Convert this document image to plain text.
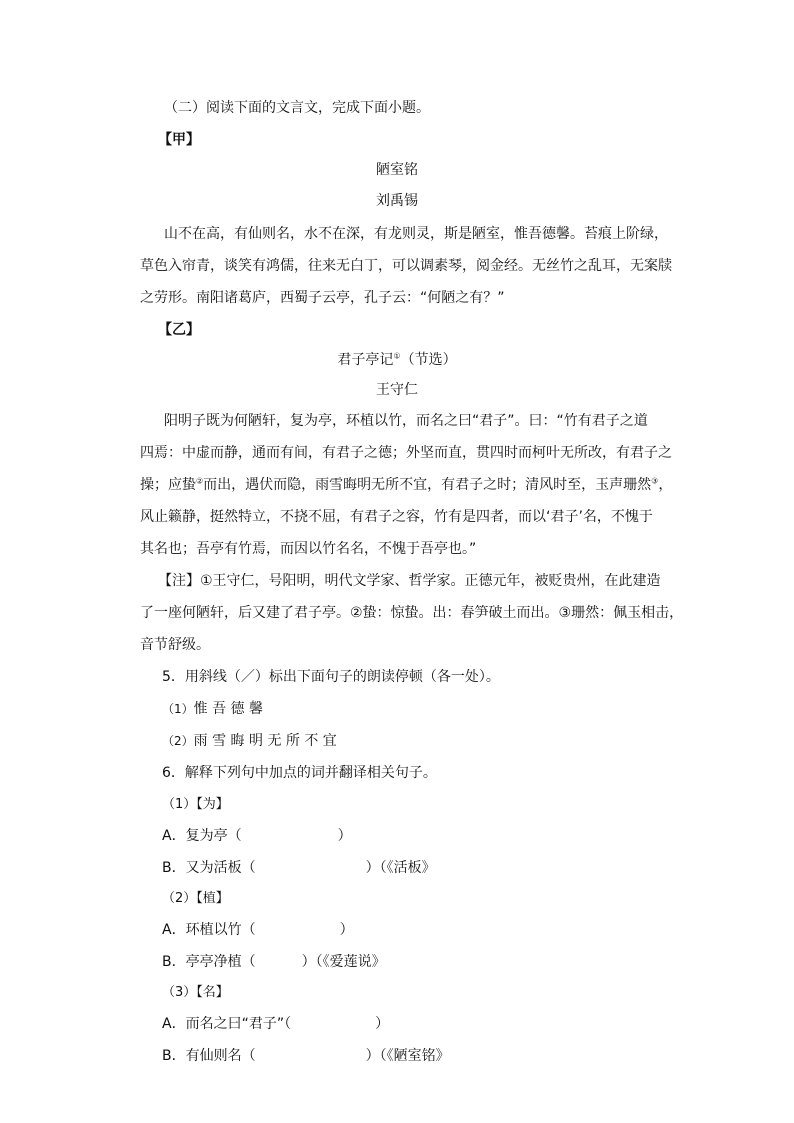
（二）阅读下面的文言文，完成下面小题。
【甲】
陋室铭
刘禹锡
山不在高，有仙则名，水不在深，有龙则灵，斯是陋室，惟吾德馨。苔痕上阶绿，
草色入帘青，谈笑有鸿儒，往来无白丁，可以调素琴，阅金经。无丝竹之乱耳，无案牍
之劳形。南阳诸葛庐，西蜀子云亭，孔子云：“何陋之有？”
【乙】
君子亭记①（节选）
王守仁
阳明子既为何陋轩，复为亭，环植以竹，而名之曰“君子”。曰：“竹有君子之道
四焉：中虚而静，通而有间，有君子之德；外坚而直，贯四时而柯叶无所改，有君子之
操；应蛰②而出，遇伏而隐，雨雪晦明无所不宜，有君子之时；清风时至，玉声珊然③，
风止籁静，挺然特立，不挠不屈，有君子之容，竹有是四者，而以‘君子’名，不愧于
其名也；吾亭有竹焉，而因以竹名名，不愧于吾亭也。”
【注】①王守仁，号阳明，明代文学家、哲学家。正德元年，被贬贵州，在此建造
了一座何陋轩，后又建了君子亭。②蛰：惊蛰。出：春笋破土而出。③珊然：佩玉相击，
音节舒级。
5．用斜线（／）标出下面句子的朗读停顿（各一处）。
（1）惟 吾 德 馨
（2）雨 雪 晦 明 无 所 不 宜
6．解释下列句中加点的词并翻译相关句子。
（1）【为】
A．复为亭（	）
B．又为活板（	）（《活板》
（2）【植】
A．环植以竹（	）
B．亭亭净植（	）（《爱莲说》
（3）【名】
A．而名之曰“君子”（	）
B．有仙则名（	）（《陋室铭》
